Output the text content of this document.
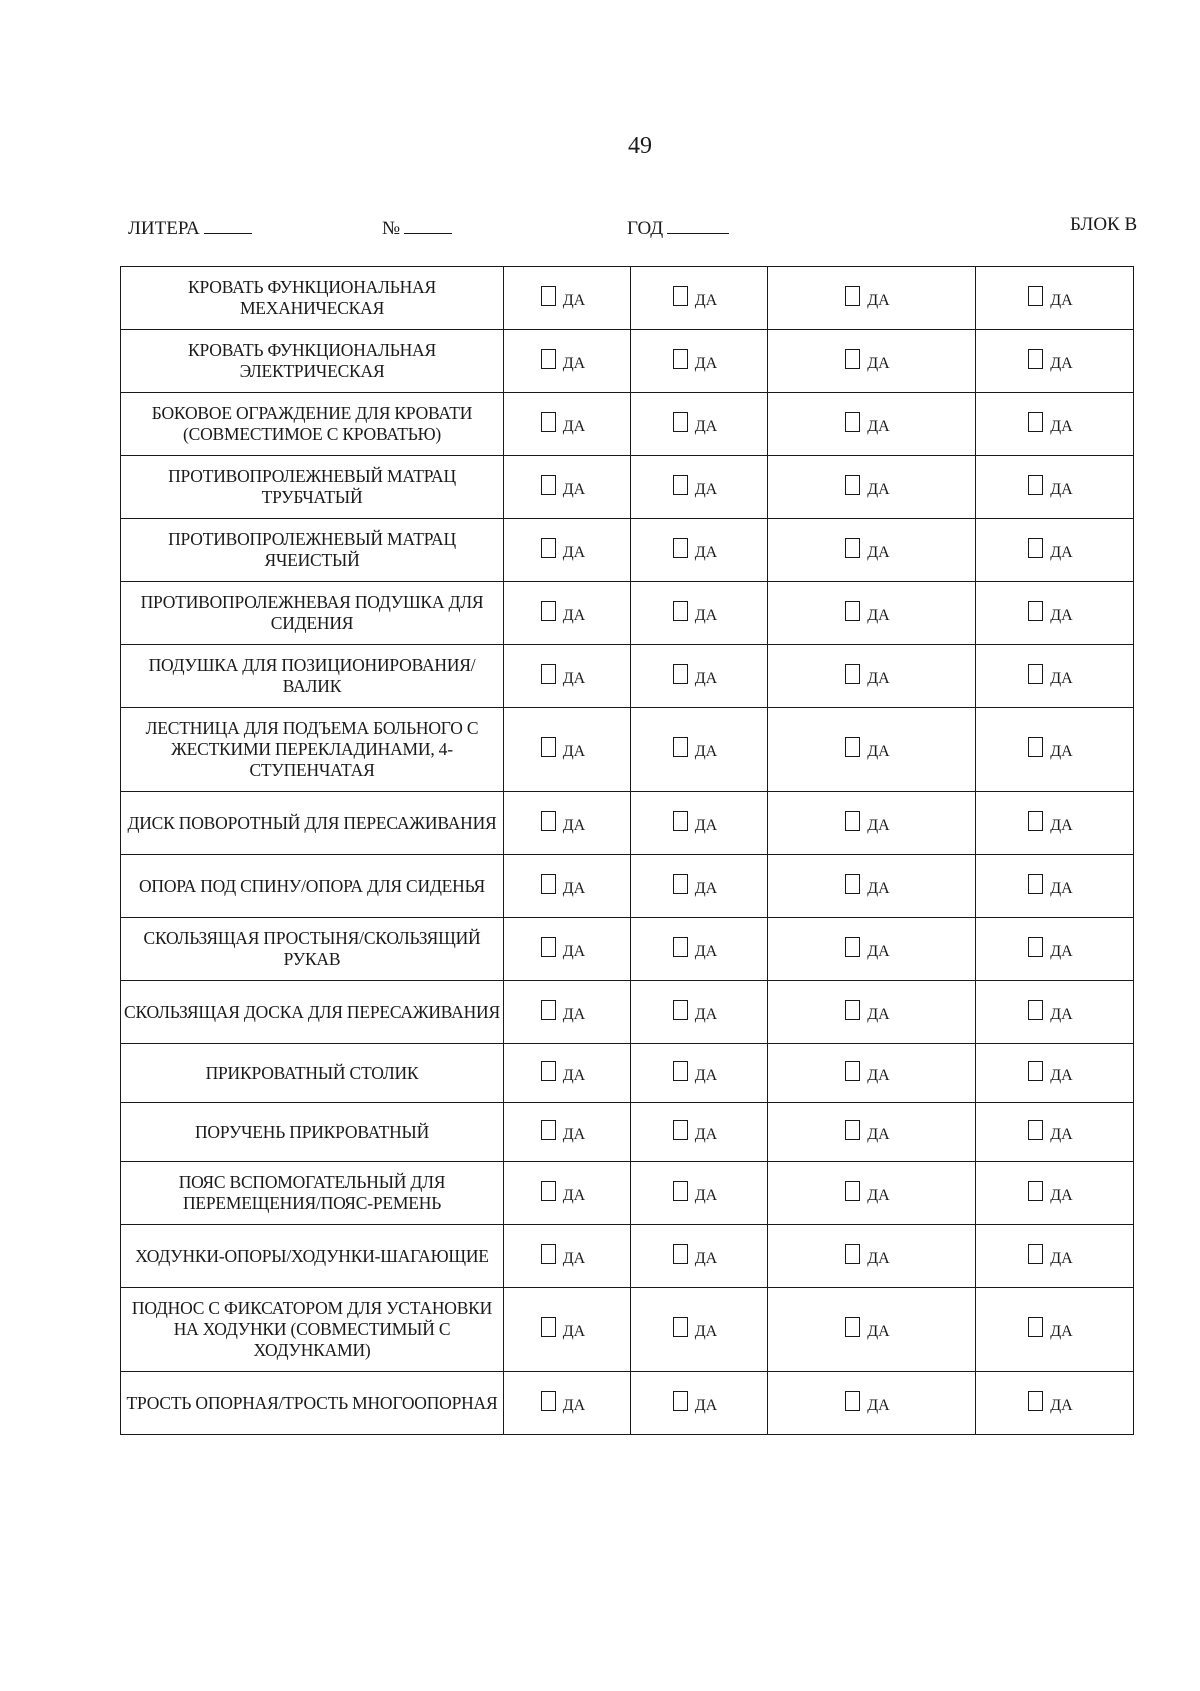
49
ЛИТЕРА	№	ГОД	БЛОК В
КРОВАТЬ ФУНКЦИОНАЛЬНАЯ МЕХАНИЧЕСКАЯ	ДА	ДА	ДА	ДА

КРОВАТЬ ФУНКЦИОНАЛЬНАЯ ЭЛЕКТРИЧЕСКАЯ	ДА	ДА	ДА	ДА

БОКОВОЕ ОГРАЖДЕНИЕ ДЛЯ КРОВАТИ (СОВМЕСТИМОЕ С КРОВАТЬЮ)	ДА	ДА	ДА	ДА

ПРОТИВОПРОЛЕЖНЕВЫЙ МАТРАЦ ТРУБЧАТЫЙ	ДА	ДА	ДА	ДА

ПРОТИВОПРОЛЕЖНЕВЫЙ МАТРАЦ ЯЧЕИСТЫЙ	ДА	ДА	ДА	ДА

ПРОТИВОПРОЛЕЖНЕВАЯ ПОДУШКА ДЛЯ СИДЕНИЯ	ДА	ДА	ДА	ДА

ПОДУШКА ДЛЯ ПОЗИЦИОНИРОВАНИЯ/ВАЛИК	ДА	ДА	ДА	ДА

ЛЕСТНИЦА ДЛЯ ПОДЪЕМА БОЛЬНОГО С ЖЕСТКИМИ ПЕРЕКЛАДИНАМИ, 4-СТУПЕНЧАТАЯ	ДА	ДА	ДА	ДА

ДИСК ПОВОРОТНЫЙ ДЛЯ ПЕРЕСАЖИВАНИЯ	ДА	ДА	ДА	ДА

ОПОРА ПОД СПИНУ/ОПОРА ДЛЯ СИДЕНЬЯ	ДА	ДА	ДА	ДА

СКОЛЬЗЯЩАЯ ПРОСТЫНЯ/СКОЛЬЗЯЩИЙ РУКАВ	ДА	ДА	ДА	ДА

СКОЛЬЗЯЩАЯ ДОСКА ДЛЯ ПЕРЕСАЖИВАНИЯ	ДА	ДА	ДА	ДА

ПРИКРОВАТНЫЙ СТОЛИК	ДА	ДА	ДА	ДА

ПОРУЧЕНЬ ПРИКРОВАТНЫЙ	ДА	ДА	ДА	ДА

ПОЯС ВСПОМОГАТЕЛЬНЫЙ ДЛЯ ПЕРЕМЕЩЕНИЯ/ПОЯС-РЕМЕНЬ	ДА	ДА	ДА	ДА

ХОДУНКИ-ОПОРЫ/ХОДУНКИ-ШАГАЮЩИЕ	ДА	ДА	ДА	ДА

ПОДНОС С ФИКСАТОРОМ ДЛЯ УСТАНОВКИ НА ХОДУНКИ (СОВМЕСТИМЫЙ С ХОДУНКАМИ)	ДА	ДА	ДА	ДА

ТРОСТЬ ОПОРНАЯ/ТРОСТЬ МНОГООПОРНАЯ	ДА	ДА	ДА	ДА
